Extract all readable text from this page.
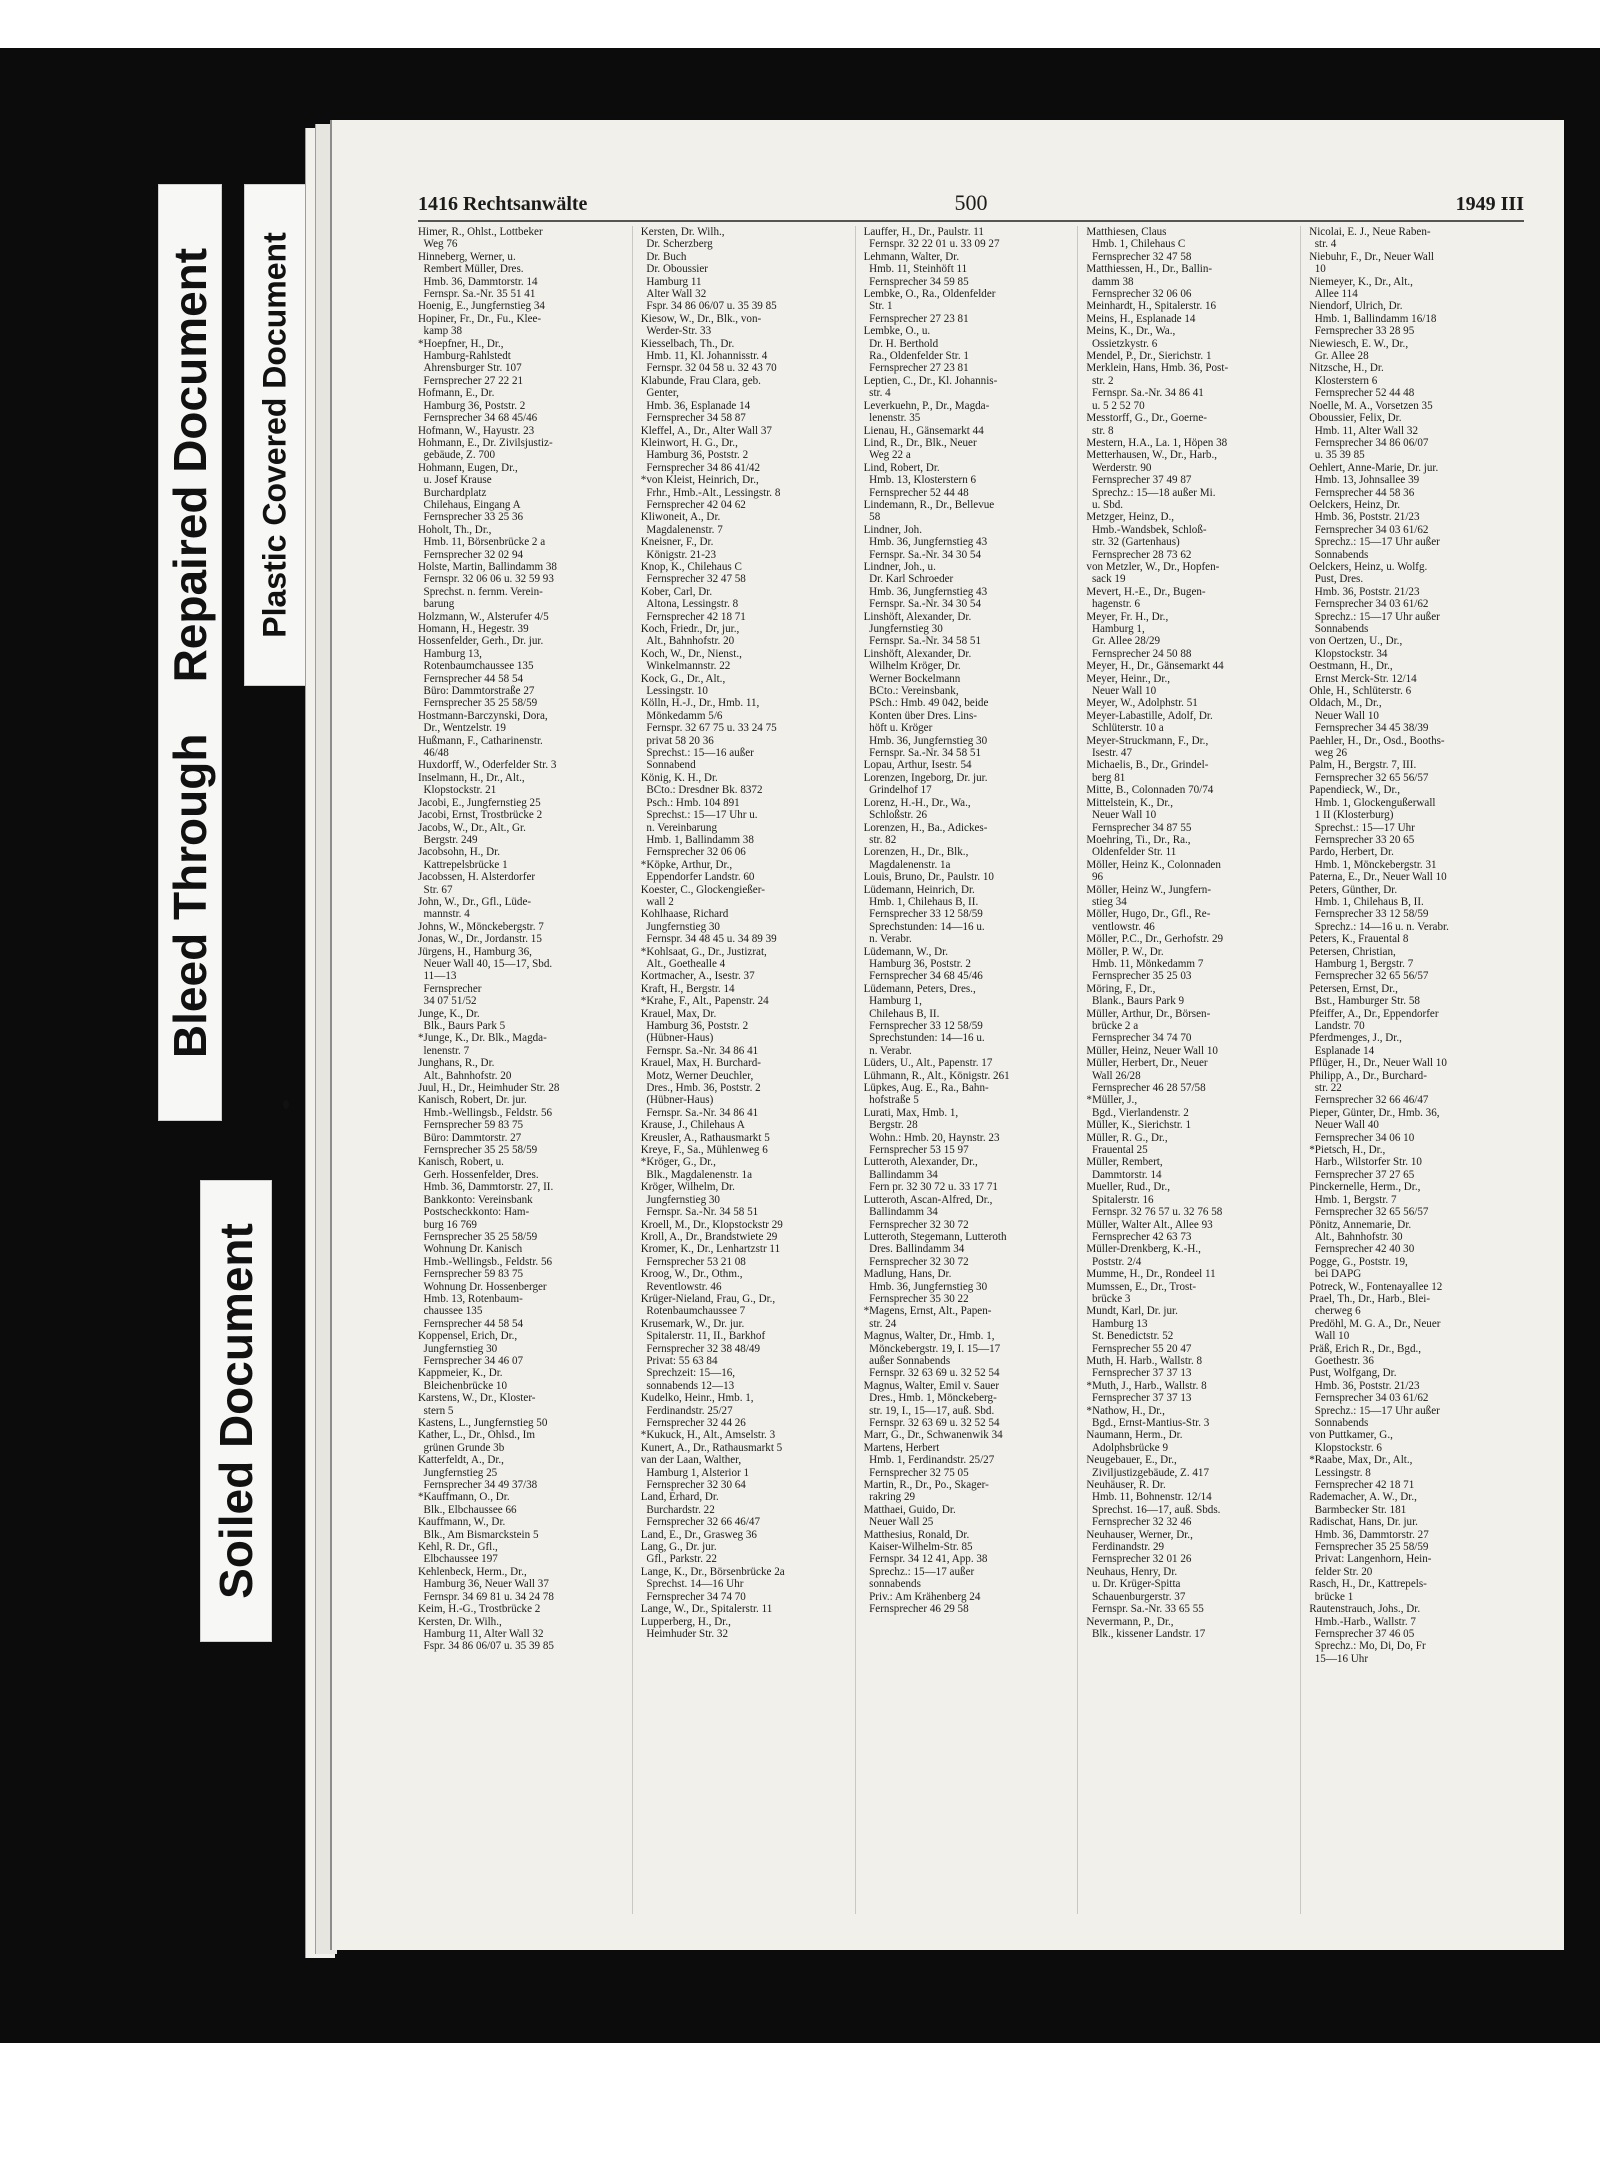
Bleed Through    Repaired Document Plastic Covered Document
Soiled Document
1416 Rechtsanwälte	500	1949 III

Himer, R., Ohlst., Lottbeker
Weg 76

Hinneberg, Werner, u.
Rembert Müller, Dres.
Hmb. 36, Dammtorstr. 14
Fernspr. Sa.-Nr. 35 51 41

Hoenig, E., Jungfernstieg 34

Hopiner, Fr., Dr., Fu., Klee-
kamp 38

*Hoepfner, H., Dr.,
Hamburg-Rahlstedt
Ahrensburger Str. 107
Fernsprecher 27 22 21

Hofmann, E., Dr.
Hamburg 36, Poststr. 2
Fernsprecher 34 68 45/46

Hofmann, W., Hayustr. 23

Hohmann, E., Dr. Zivilsjustiz-
gebäude, Z. 700

Hohmann, Eugen, Dr.,
u. Josef Krause
Burchardplatz
Chilehaus, Eingang A
Fernsprecher 33 25 36

Hoholt, Th., Dr.,
Hmb. 11, Börsenbrücke 2 a
Fernsprecher 32 02 94

Holste, Martin, Ballindamm 38
Fernspr. 32 06 06 u. 32 59 93
Sprechst. n. fernm. Verein-
barung

Holzmann, W., Alsterufer 4/5

Homann, H., Hegestr. 39

Hossenfelder, Gerh., Dr. jur.
Hamburg 13,
Rotenbaumchaussee 135
Fernsprecher 44 58 54
Büro: Dammtorstraße 27
Fernsprecher 35 25 58/59

Hostmann-Barczynski, Dora,
Dr., Wentzelstr. 19

Hußmann, F., Catharinenstr.
46/48

Huxdorff, W., Oderfelder Str. 3

Inselmann, H., Dr., Alt.,
Klopstockstr. 21

Jacobi, E., Jungfernstieg 25

Jacobi, Ernst, Trostbrücke 2

Jacobs, W., Dr., Alt., Gr.
Bergstr. 249

Jacobsohn, H., Dr.
Kattrepelsbrücke 1

Jacobssen, H. Alsterdorfer
Str. 67

John, W., Dr., Gfl., Lüde-
mannstr. 4

Johns, W., Mönckebergstr. 7

Jonas, W., Dr., Jordanstr. 15

Jürgens, H., Hamburg 36,
Neuer Wall 40, 15—17, Sbd.
11—13
Fernsprecher
34 07 51/52

Junge, K., Dr.
Blk., Baurs Park 5

*Junge, K., Dr. Blk., Magda-
lenenstr. 7

Junghans, R., Dr.
Alt., Bahnhofstr. 20

Juul, H., Dr., Heimhuder Str. 28

Kanisch, Robert, Dr. jur.
Hmb.-Wellingsb., Feldstr. 56
Fernsprecher 59 83 75
Büro: Dammtorstr. 27
Fernsprecher 35 25 58/59

Kanisch, Robert, u.
Gerh. Hossenfelder, Dres.
Hmb. 36, Dammtorstr. 27, II.
Bankkonto: Vereinsbank
Postscheckkonto: Ham-
burg 16 769
Fernsprecher 35 25 58/59
Wohnung Dr. Kanisch
Hmb.-Wellingsb., Feldstr. 56
Fernsprecher 59 83 75
Wohnung Dr. Hossenberger
Hmb. 13, Rotenbaum-
chaussee 135
Fernsprecher 44 58 54

Koppensel, Erich, Dr.,
Jungfernstieg 30
Fernsprecher 34 46 07

Kappmeier, K., Dr.
Bleichenbrücke 10

Karstens, W., Dr., Kloster-
stern 5

Kastens, L., Jungfernstieg 50

Kather, L., Dr., Ohlsd., Im
grünen Grunde 3b

Katterfeldt, A., Dr.,
Jungfernstieg 25
Fernsprecher 34 49 37/38

*Kauffmann, O., Dr.
Blk., Elbchaussee 66

Kauffmann, W., Dr.
Blk., Am Bismarckstein 5

Kehl, R. Dr., Gfl.,
Elbchaussee 197

Kehlenbeck, Herm., Dr.,
Hamburg 36, Neuer Wall 37
Fernspr. 34 69 81 u. 34 24 78

Keim, H.-G., Trostbrücke 2

Kersten, Dr. Wilh.,
Hamburg 11, Alter Wall 32
Fspr. 34 86 06/07 u. 35 39 85

Kersten, Dr. Wilh.,
Dr. Scherzberg
Dr. Buch
Dr. Oboussier
Hamburg 11
Alter Wall 32
Fspr. 34 86 06/07 u. 35 39 85

Kiesow, W., Dr., Blk., von-
Werder-Str. 33

Kiesselbach, Th., Dr.
Hmb. 11, Kl. Johannisstr. 4
Fernspr. 32 04 58 u. 32 43 70

Klabunde, Frau Clara, geb.
Genter,
Hmb. 36, Esplanade 14
Fernsprecher 34 58 87

Kleffel, A., Dr., Alter Wall 37

Kleinwort, H. G., Dr.,
Hamburg 36, Poststr. 2
Fernsprecher 34 86 41/42

*von Kleist, Heinrich, Dr.,
Frhr., Hmb.-Alt., Lessingstr. 8
Fernsprecher 42 04 62

Kliwoneit, A., Dr.
Magdalenenstr. 7

Kneisner, F., Dr.
Königstr. 21-23

Knop, K., Chilehaus C
Fernsprecher 32 47 58

Kober, Carl, Dr.
Altona, Lessingstr. 8
Fernsprecher 42 18 71

Koch, Friedr., Dr, jur.,
Alt., Bahnhofstr. 20

Koch, W., Dr., Nienst.,
Winkelmannstr. 22

Kock, G., Dr., Alt.,
Lessingstr. 10

Kölln, H.-J., Dr., Hmb. 11,
Mönkedamm 5/6
Fernspr. 32 67 75 u. 33 24 75
privat 58 20 36
Sprechst.: 15—16 außer
Sonnabend

König, K. H., Dr.
BCto.: Dresdner Bk. 8372
Psch.: Hmb. 104 891
Sprechst.: 15—17 Uhr u.
n. Vereinbarung
Hmb. 1, Ballindamm 38
Fernsprecher 32 06 06

*Köpke, Arthur, Dr.,
Eppendorfer Landstr. 60

Koester, C., Glockengießer-
wall 2

Kohlhaase, Richard
Jungfernstieg 30
Fernspr. 34 48 45 u. 34 89 39

*Kohlsaat, G., Dr., Justizrat,
Alt., Goethealle 4

Kortmacher, A., Isestr. 37

Kraft, H., Bergstr. 14

*Krahe, F., Alt., Papenstr. 24

Krauel, Max, Dr.
Hamburg 36, Poststr. 2
(Hübner-Haus)
Fernspr. Sa.-Nr. 34 86 41

Krauel, Max, H. Burchard-
Motz, Werner Deuchler,
Dres., Hmb. 36, Poststr. 2
(Hübner-Haus)
Fernspr. Sa.-Nr. 34 86 41

Krause, J., Chilehaus A

Kreusler, A., Rathausmarkt 5

Kreye, F., Sa., Mühlenweg 6

*Kröger, G., Dr.,
Blk., Magdalenenstr. 1a

Kröger, Wilhelm, Dr.
Jungfernstieg 30
Fernspr. Sa.-Nr. 34 58 51

Kroell, M., Dr., Klopstockstr 29

Kroll, A., Dr., Brandstwiete 29

Kromer, K., Dr., Lenhartzstr 11
Fernsprecher 53 21 08

Kroog, W., Dr., Othm.,
Reventlowstr. 46

Krüger-Nieland, Frau, G., Dr.,
Rotenbaumchaussee 7

Krusemark, W., Dr. jur.
Spitalerstr. 11, II., Barkhof
Fernsprecher 32 38 48/49
Privat: 55 63 84
Sprechzeit: 15—16,
sonnabends 12—13

Kudelko, Heinr., Hmb. 1,
Ferdinandstr. 25/27
Fernsprecher 32 44 26

*Kukuck, H., Alt., Amselstr. 3

Kunert, A., Dr., Rathausmarkt 5

van der Laan, Walther,
Hamburg 1, Alsterior 1
Fernsprecher 32 30 64

Land, Erhard, Dr.
Burchardstr. 22
Fernsprecher 32 66 46/47

Land, E., Dr., Grasweg 36

Lang, G., Dr. jur.
Gfl., Parkstr. 22

Lange, K., Dr., Börsenbrücke 2a
Sprechst. 14—16 Uhr
Fernsprecher 34 74 70

Lange, W., Dr., Spitalerstr. 11

Lupperberg, H., Dr.,
Heimhuder Str. 32

Lauffer, H., Dr., Paulstr. 11
Fernspr. 32 22 01 u. 33 09 27

Lehmann, Walter, Dr.
Hmb. 11, Steinhöft 11
Fernsprecher 34 59 85

Lembke, O., Ra., Oldenfelder
Str. 1
Fernsprecher 27 23 81

Lembke, O., u.
Dr. H. Berthold
Ra., Oldenfelder Str. 1
Fernsprecher 27 23 81

Leptien, C., Dr., Kl. Johannis-
str. 4

Leverkuehn, P., Dr., Magda-
lenenstr. 35

Lienau, H., Gänsemarkt 44

Lind, R., Dr., Blk., Neuer
Weg 22 a

Lind, Robert, Dr.
Hmb. 13, Klosterstern 6
Fernsprecher 52 44 48

Lindemann, R., Dr., Bellevue
58

Lindner, Joh.
Hmb. 36, Jungfernstieg 43
Fernspr. Sa.-Nr. 34 30 54

Lindner, Joh., u.
Dr. Karl Schroeder
Hmb. 36, Jungfernstieg 43
Fernspr. Sa.-Nr. 34 30 54

Linshöft, Alexander, Dr.
Jungfernstieg 30
Fernspr. Sa.-Nr. 34 58 51

Linshöft, Alexander, Dr.
Wilhelm Kröger, Dr.
Werner Bockelmann
BCto.: Vereinsbank,
PSch.: Hmb. 49 042, beide
Konten über Dres. Lins-
höft u. Kröger
Hmb. 36, Jungfernstieg 30
Fernspr. Sa.-Nr. 34 58 51

Lopau, Arthur, Isestr. 54

Lorenzen, Ingeborg, Dr. jur.
Grindelhof 17

Lorenz, H.-H., Dr., Wa.,
Schloßstr. 26

Lorenzen, H., Ba., Adickes-
str. 82

Lorenzen, H., Dr., Blk.,
Magdalenenstr. 1a

Louis, Bruno, Dr., Paulstr. 10

Lüdemann, Heinrich, Dr.
Hmb. 1, Chilehaus B, II.
Fernsprecher 33 12 58/59
Sprechstunden: 14—16 u.
n. Verabr.

Lüdemann, W., Dr.
Hamburg 36, Poststr. 2
Fernsprecher 34 68 45/46

Lüdemann, Peters, Dres.,
Hamburg 1,
Chilehaus B, II.
Fernsprecher 33 12 58/59
Sprechstunden: 14—16 u.
n. Verabr.

Lüders, U., Alt., Papenstr. 17

Lühmann, R., Alt., Königstr. 261

Lüpkes, Aug. E., Ra., Bahn-
hofstraße 5

Lurati, Max, Hmb. 1,
Bergstr. 28
Wohn.: Hmb. 20, Haynstr. 23
Fernsprecher 53 15 97

Lutteroth, Alexander, Dr.,
Ballindamm 34
Fern pr. 32 30 72 u. 33 17 71

Lutteroth, Ascan-Alfred, Dr.,
Ballindamm 34
Fernsprecher 32 30 72

Lutteroth, Stegemann, Lutteroth
Dres. Ballindamm 34
Fernsprecher 32 30 72

Madlung, Hans, Dr.
Hmb. 36, Jungfernstieg 30
Fernsprecher 35 30 22

*Magens, Ernst, Alt., Papen-
str. 24

Magnus, Walter, Dr., Hmb. 1,
Mönckebergstr. 19, I. 15—17
außer Sonnabends
Fernspr. 32 63 69 u. 32 52 54

Magnus, Walter, Emil v. Sauer
Dres., Hmb. 1, Mönckeberg-
str. 19, I., 15—17, auß. Sbd.
Fernspr. 32 63 69 u. 32 52 54

Marr, G., Dr., Schwanenwik 34

Martens, Herbert
Hmb. 1, Ferdinandstr. 25/27
Fernsprecher 32 75 05

Martin, R., Dr., Po., Skager-
rakring 29

Matthaei, Guido, Dr.
Neuer Wall 25

Matthesius, Ronald, Dr.
Kaiser-Wilhelm-Str. 85
Fernspr. 34 12 41, App. 38
Sprechz.: 15—17 außer
sonnabends
Priv.: Am Krähenberg 24
Fernsprecher 46 29 58

Matthiesen, Claus
Hmb. 1, Chilehaus C
Fernsprecher 32 47 58

Matthiessen, H., Dr., Ballin-
damm 38
Fernsprecher 32 06 06

Meinhardt, H., Spitalerstr. 16

Meins, H., Esplanade 14

Meins, K., Dr., Wa.,
Ossietzkystr. 6

Mendel, P., Dr., Sierichstr. 1

Merklein, Hans, Hmb. 36, Post-
str. 2
Fernspr. Sa.-Nr. 34 86 41
u. 5 2 52 70

Messtorff, G., Dr., Goerne-
str. 8

Mestern, H.A., La. 1, Höpen 38

Metterhausen, W., Dr., Harb.,
Werderstr. 90
Fernsprecher 37 49 87
Sprechz.: 15—18 außer Mi.
u. Sbd.

Metzger, Heinz, D.,
Hmb.-Wandsbek, Schloß-
str. 32 (Gartenhaus)
Fernsprecher 28 73 62

von Metzler, W., Dr., Hopfen-
sack 19

Mevert, H.-E., Dr., Bugen-
hagenstr. 6

Meyer, Fr. H., Dr.,
Hamburg 1,
Gr. Allee 28/29
Fernsprecher 24 50 88

Meyer, H., Dr., Gänsemarkt 44

Meyer, Heinr., Dr.,
Neuer Wall 10

Meyer, W., Adolphstr. 51

Meyer-Labastille, Adolf, Dr.
Schlüterstr. 10 a

Meyer-Struckmann, F., Dr.,
Isestr. 47

Michaelis, B., Dr., Grindel-
berg 81

Mitte, B., Colonnaden 70/74

Mittelstein, K., Dr.,
Neuer Wall 10
Fernsprecher 34 87 55

Moehring, Ti., Dr., Ra.,
Oldenfelder Str. 11

Möller, Heinz K., Colonnaden
96

Möller, Heinz W., Jungfern-
stieg 34

Möller, Hugo, Dr., Gfl., Re-
ventlowstr. 46

Möller, P.C., Dr., Gerhofstr. 29

Möller, P. W., Dr.
Hmb. 11, Mönkedamm 7
Fernsprecher 35 25 03

Möring, F., Dr.,
Blank., Baurs Park 9

Müller, Arthur, Dr., Börsen-
brücke 2 a
Fernsprecher 34 74 70

Müller, Heinz, Neuer Wall 10

Müller, Herbert, Dr., Neuer
Wall 26/28
Fernsprecher 46 28 57/58

*Müller, J.,
Bgd., Vierlandenstr. 2

Müller, K., Sierichstr. 1

Müller, R. G., Dr.,
Frauental 25

Müller, Rembert,
Dammtorstr. 14

Mueller, Rud., Dr.,
Spitalerstr. 16
Fernspr. 32 76 57 u. 32 76 58

Müller, Walter Alt., Allee 93
Fernsprecher 42 63 73

Müller-Drenkberg, K.-H.,
Poststr. 2/4

Mumme, H., Dr., Rondeel 11

Mumssen, E., Dr., Trost-
brücke 3

Mundt, Karl, Dr. jur.
Hamburg 13
St. Benedictstr. 52
Fernsprecher 55 20 47

Muth, H. Harb., Wallstr. 8
Fernsprecher 37 37 13

*Muth, J., Harb., Wallstr. 8
Fernsprecher 37 37 13

*Nathow, H., Dr.,
Bgd., Ernst-Mantius-Str. 3

Naumann, Herm., Dr.
Adolphsbrücke 9

Neugebauer, E., Dr.,
Ziviljustizgebäude, Z. 417

Neuhäuser, R. Dr.
Hmb. 11, Bohnenstr. 12/14
Sprechst. 16—17, auß. Sbds.
Fernsprecher 32 32 46

Neuhauser, Werner, Dr.,
Ferdinandstr. 29
Fernsprecher 32 01 26

Neuhaus, Henry, Dr.
u. Dr. Krüger-Spitta
Schauenburgerstr. 37
Fernspr. Sa.-Nr. 33 65 55

Nevermann, P., Dr.,
Blk., kissener Landstr. 17

Nicolai, E. J., Neue Raben-
str. 4

Niebuhr, F., Dr., Neuer Wall
10

Niemeyer, K., Dr., Alt.,
Allee 114

Niendorf, Ulrich, Dr.
Hmb. 1, Ballindamm 16/18
Fernsprecher 33 28 95

Niewiesch, E. W., Dr.,
Gr. Allee 28

Nitzsche, H., Dr.
Klosterstern 6
Fernsprecher 52 44 48

Noelle, M. A., Vorsetzen 35

Oboussier, Felix, Dr.
Hmb. 11, Alter Wall 32
Fernsprecher 34 86 06/07
u. 35 39 85

Oehlert, Anne-Marie, Dr. jur.
Hmb. 13, Johnsallee 39
Fernsprecher 44 58 36

Oelckers, Heinz, Dr.
Hmb. 36, Poststr. 21/23
Fernsprecher 34 03 61/62
Sprechz.: 15—17 Uhr außer
Sonnabends

Oelckers, Heinz, u. Wolfg.
Pust, Dres.
Hmb. 36, Poststr. 21/23
Fernsprecher 34 03 61/62
Sprechz.: 15—17 Uhr außer
Sonnabends

von Oertzen, U., Dr.,
Klopstockstr. 34

Oestmann, H., Dr.,
Ernst Merck-Str. 12/14

Ohle, H., Schlüterstr. 6

Oldach, M., Dr.,
Neuer Wall 10
Fernsprecher 34 45 38/39

Paehler, H., Dr., Osd., Booths-
weg 26

Palm, H., Bergstr. 7, III.
Fernsprecher 32 65 56/57

Papendieck, W., Dr.,
Hmb. 1, Glockengußerwall
1 II (Klosterburg)
Sprechst.: 15—17 Uhr
Fernsprecher 33 20 65

Pardo, Herbert, Dr.
Hmb. 1, Mönckebergstr. 31

Paterna, E., Dr., Neuer Wall 10

Peters, Günther, Dr.
Hmb. 1, Chilehaus B, II.
Fernsprecher 33 12 58/59
Sprechz.: 14—16 u. n. Verabr.

Peters, K., Frauental 8

Petersen, Christian,
Hamburg 1, Bergstr. 7
Fernsprecher 32 65 56/57

Petersen, Ernst, Dr.,
Bst., Hamburger Str. 58

Pfeiffer, A., Dr., Eppendorfer
Landstr. 70

Pferdmenges, J., Dr.,
Esplanade 14

Pflüger, H., Dr., Neuer Wall 10

Philipp, A., Dr., Burchard-
str. 22
Fernsprecher 32 66 46/47

Pieper, Günter, Dr., Hmb. 36,
Neuer Wall 40
Fernsprecher 34 06 10

*Pietsch, H., Dr.,
Harb., Wilstorfer Str. 10
Fernsprecher 37 27 65

Pinckernelle, Herm., Dr.,
Hmb. 1, Bergstr. 7
Fernsprecher 32 65 56/57

Pönitz, Annemarie, Dr.
Alt., Bahnhofstr. 30
Fernsprecher 42 40 30

Pogge, G., Poststr. 19,
bei DAPG

Potreck, W., Fontenayallee 12

Prael, Th., Dr., Harb., Blei-
cherweg 6

Predöhl, M. G. A., Dr., Neuer
Wall 10

Präß, Erich R., Dr., Bgd.,
Goethestr. 36

Pust, Wolfgang, Dr.
Hmb. 36, Poststr. 21/23
Fernsprecher 34 03 61/62
Sprechz.: 15—17 Uhr außer
Sonnabends

von Puttkamer, G.,
Klopstockstr. 6

*Raabe, Max, Dr., Alt.,
Lessingstr. 8
Fernsprecher 42 18 71

Rademacher, A. W., Dr.,
Barmbecker Str. 181

Radischat, Hans, Dr. jur.
Hmb. 36, Dammtorstr. 27
Fernsprecher 35 25 58/59
Privat: Langenhorn, Hein-
felder Str. 20

Rasch, H., Dr., Kattrepels-
brücke 1

Rautenstrauch, Johs., Dr.
Hmb.-Harb., Wallstr. 7
Fernsprecher 37 46 05
Sprechz.: Mo, Di, Do, Fr
15—16 Uhr
